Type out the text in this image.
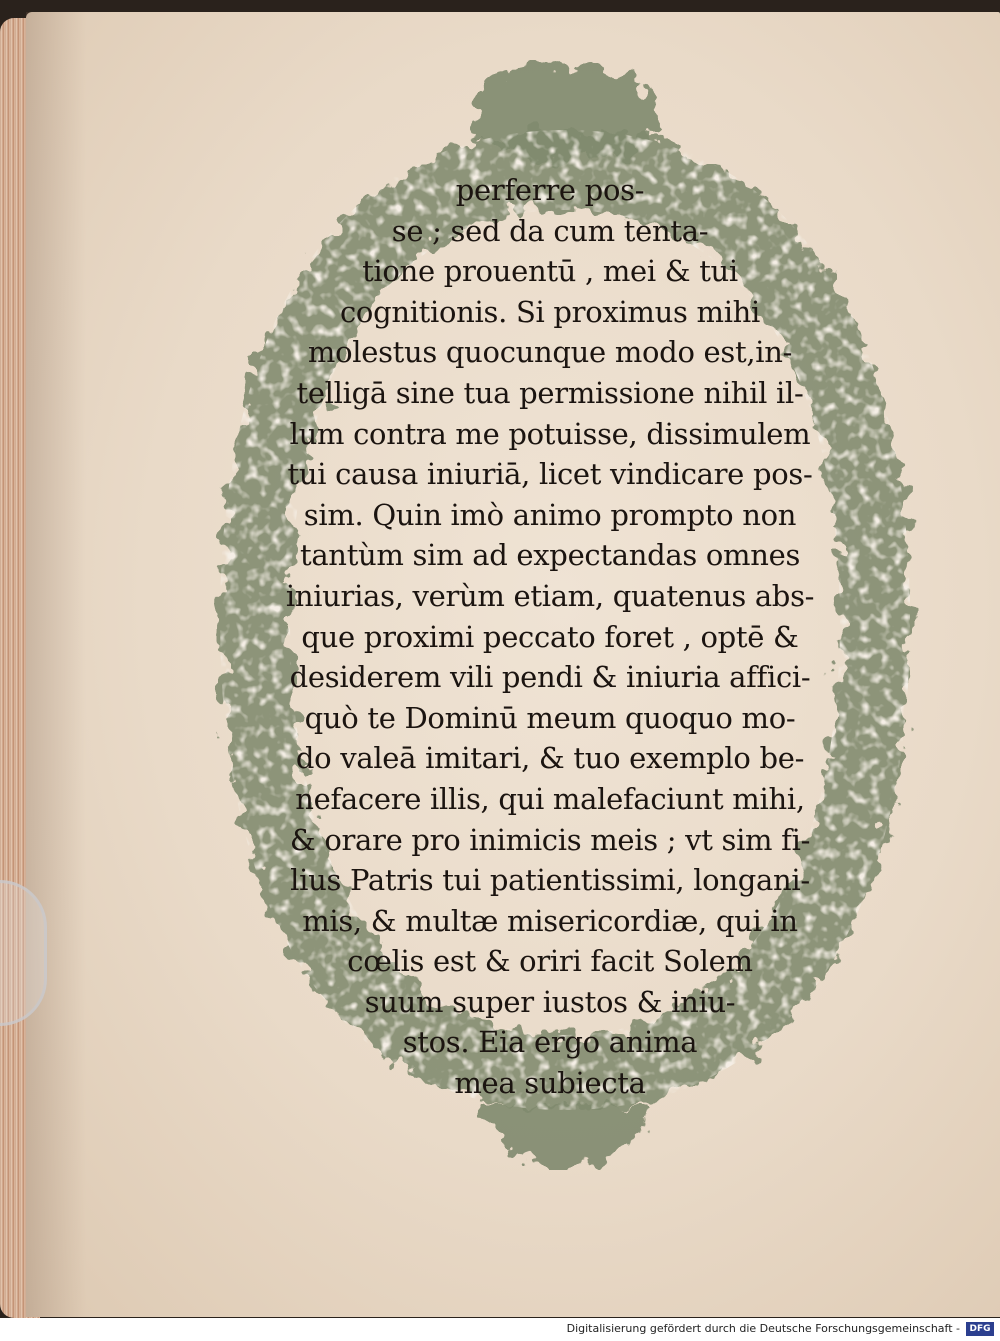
perferre pos-
se ; sed da cum tenta-
tione prouentū , mei & tui
cognitionis. Si proximus mihi
molestus quocunque modo est,in-
telligā sine tua permissione nihil il-
lum contra me potuisse, dissimulem
tui causa iniuriā, licet vindicare pos-
sim. Quin imò animo prompto non
tantùm sim ad expectandas omnes
iniurias, verùm etiam, quatenus abs-
que proximi peccato foret , optē &
desiderem vili pendi & iniuria affici-
quò te Dominū meum quoquo mo-
do valeā imitari, & tuo exemplo be-
nefacere illis, qui malefaciunt mihi,
& orare pro inimicis meis ; vt sim fi-
lius Patris tui patientissimi, longani-
mis, & multæ misericordiæ, qui in
cœlis est & oriri facit Solem
suum super iustos & iniu-
stos. Eia ergo anima
mea subiecta
Digitalisierung gefördert durch die Deutsche Forschungsgemeinschaft -	DFG
